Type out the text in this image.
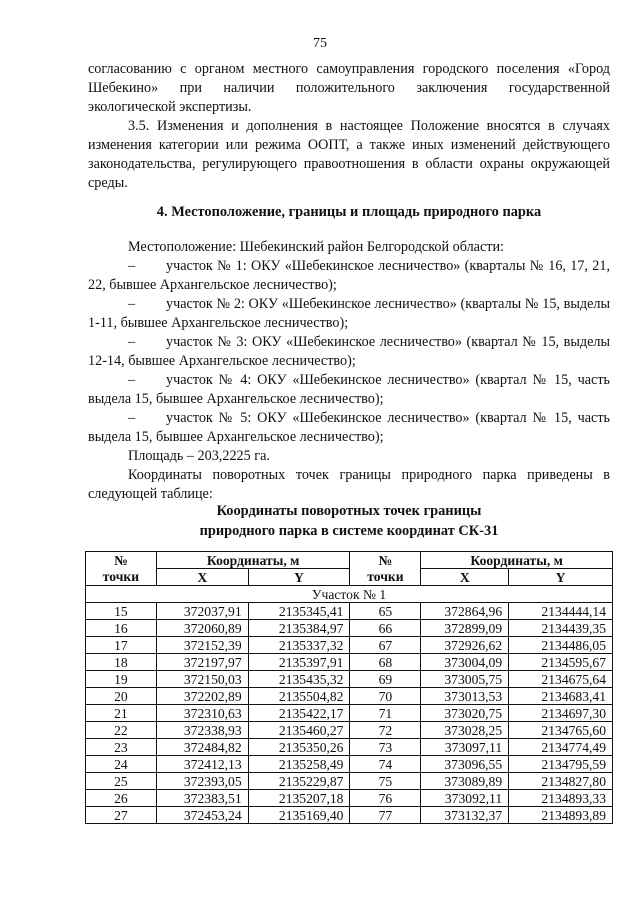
75

согласованию с органом местного самоуправления городского поселения «Город Шебекино» при наличии положительного заключения государственной экологической экспертизы.

3.5. Изменения и дополнения в настоящее Положение вносятся в случаях изменения категории или режима ООПТ, а также иных изменений действующего законодательства, регулирующего правоотношения в области охраны окружающей среды.

4. Местоположение, границы и площадь природного парка

Местоположение: Шебекинский район Белгородской области:

– участок № 1: ОКУ «Шебекинское лесничество» (кварталы № 16, 17, 21, 22, бывшее Архангельское лесничество);

– участок № 2: ОКУ «Шебекинское лесничество» (кварталы № 15, выделы 1-11, бывшее Архангельское лесничество);

– участок № 3: ОКУ «Шебекинское лесничество» (квартал № 15, выделы 12-14, бывшее Архангельское лесничество);

– участок № 4: ОКУ «Шебекинское лесничество» (квартал № 15, часть выдела 15, бывшее Архангельское лесничество);

– участок № 5: ОКУ «Шебекинское лесничество» (квартал № 15, часть выдела 15, бывшее Архангельское лесничество);

Площадь – 203,2225 га.

Координаты поворотных точек границы природного парка приведены в следующей таблице:

Координаты поворотных точек границы
природного парка в системе координат СК-31
№	Координаты, м		№	Координаты, м	
точки	X	Y	точки	X	Y
Участок № 1					
15	372037,91	2135345,41	65	372864,96	2134444,14
16	372060,89	2135384,97	66	372899,09	2134439,35
17	372152,39	2135337,32	67	372926,62	2134486,05
18	372197,97	2135397,91	68	373004,09	2134595,67
19	372150,03	2135435,32	69	373005,75	2134675,64
20	372202,89	2135504,82	70	373013,53	2134683,41
21	372310,63	2135422,17	71	373020,75	2134697,30
22	372338,93	2135460,27	72	373028,25	2134765,60
23	372484,82	2135350,26	73	373097,11	2134774,49
24	372412,13	2135258,49	74	373096,55	2134795,59
25	372393,05	2135229,87	75	373089,89	2134827,80
26	372383,51	2135207,18	76	373092,11	2134893,33
27	372453,24	2135169,40	77	373132,37	2134893,89
